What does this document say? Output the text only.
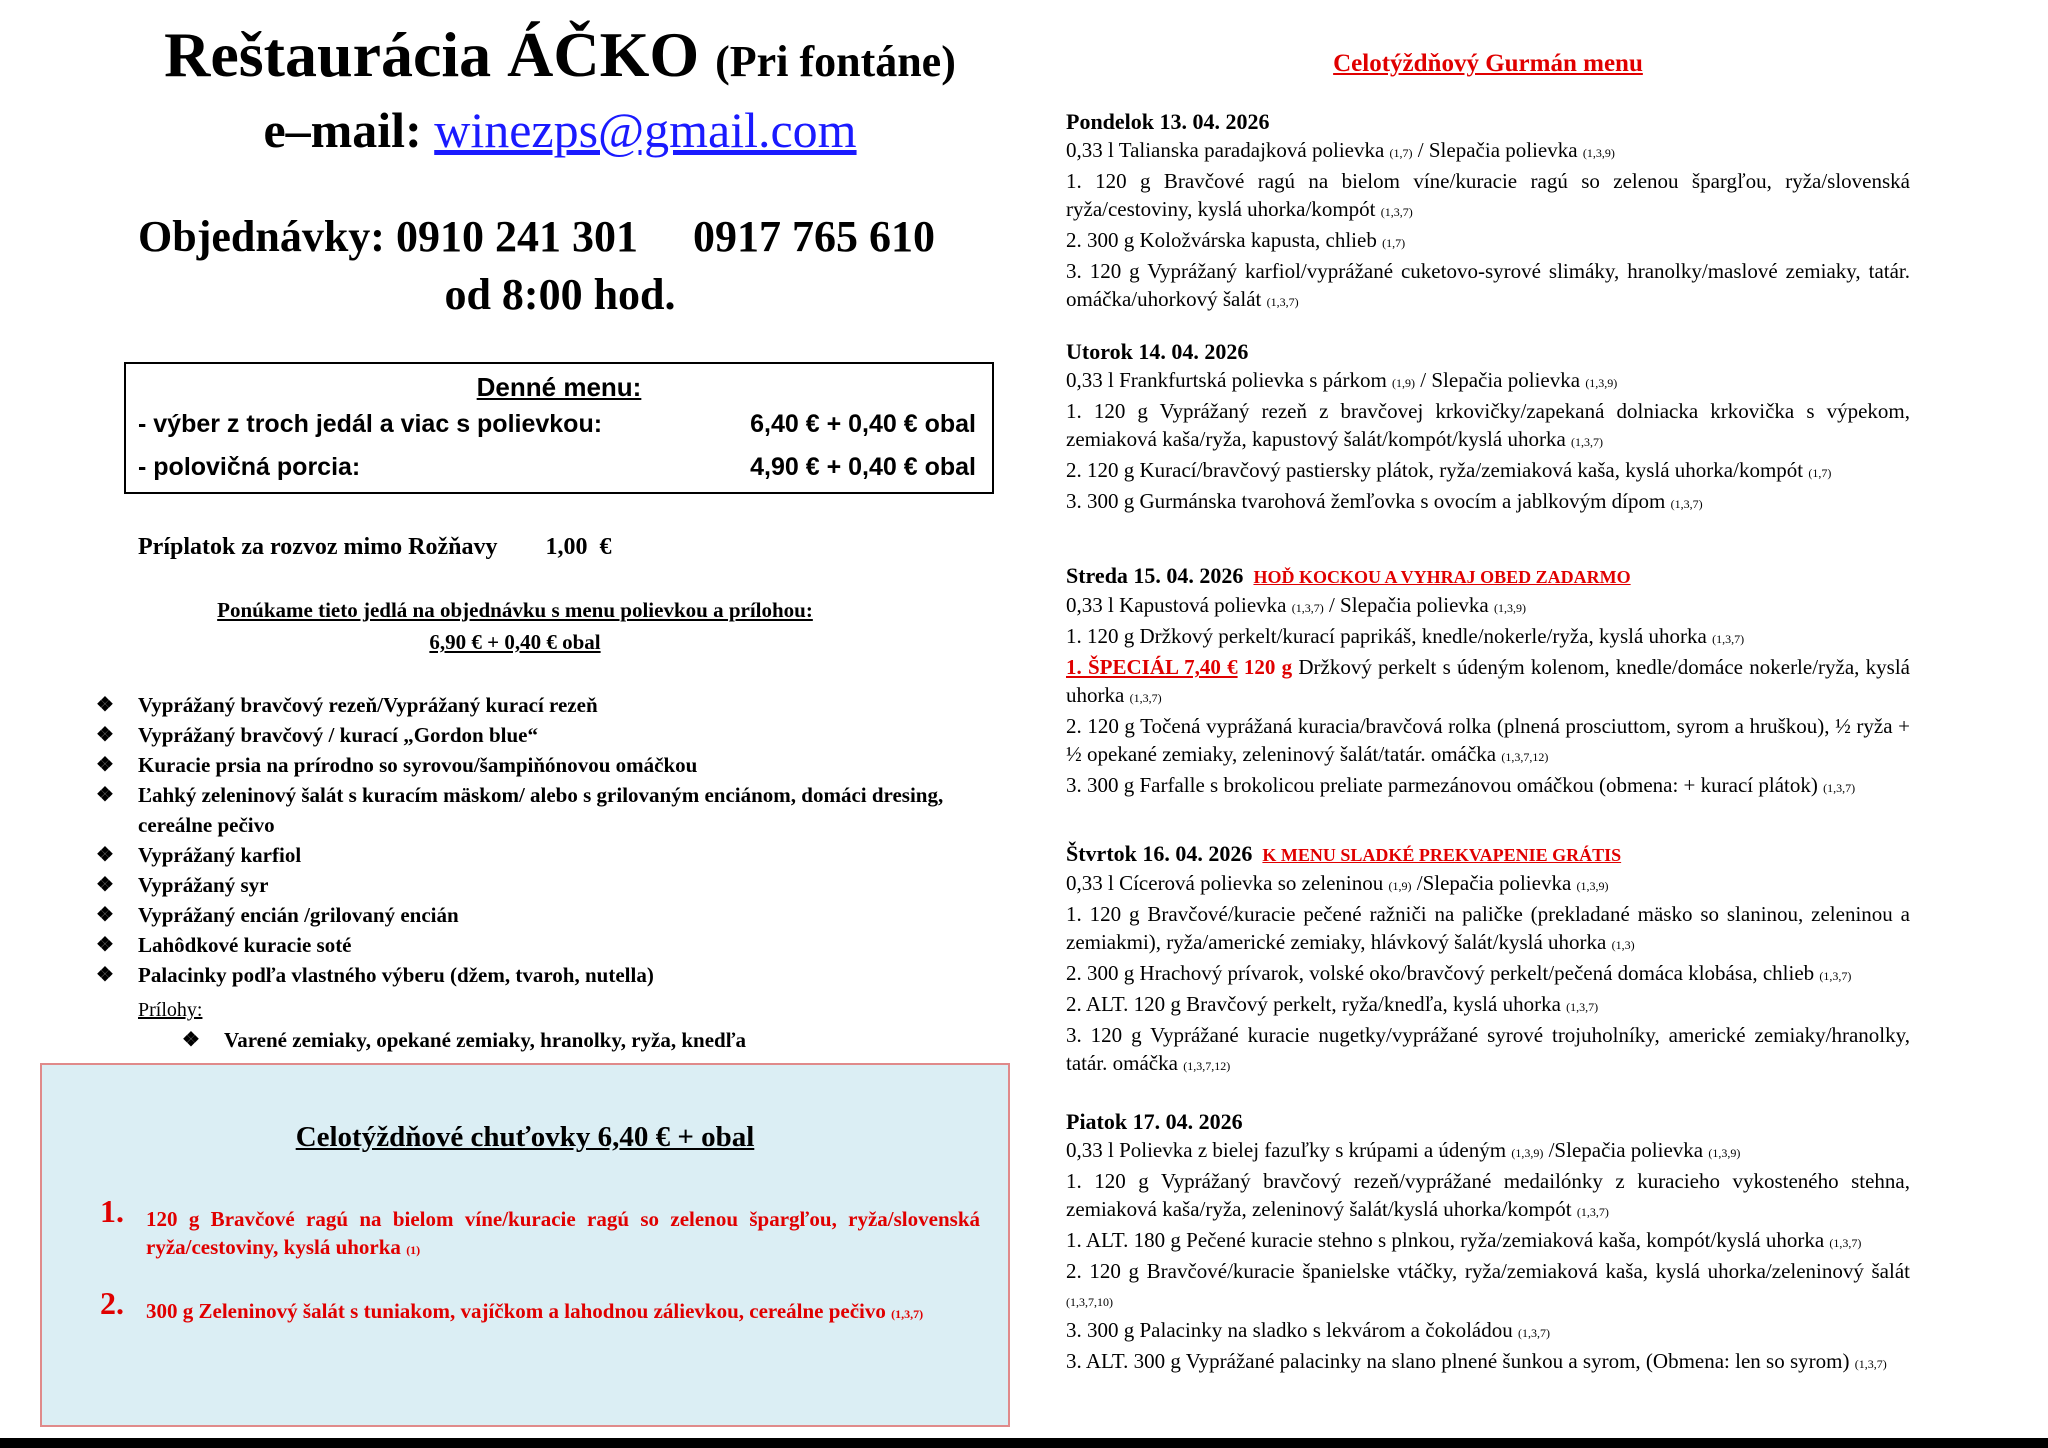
Reštaurácia ÁČKO (Pri fontáne)
e–mail: winezps@gmail.com
Objednávky: 0910 241 301     0917 765 610
od 8:00 hod.
Denné menu:
- výber z troch jedál a viac s polievkou:	6,40 € + 0,40 € obal
- polovičná porcia:	4,90 € + 0,40 € obal
Príplatok za rozvoz mimo Rožňavy        1,00  €
Ponúkame tieto jedlá na objednávku s menu polievkou a prílohou:
6,90 € + 0,40 € obal
❖ Vyprážaný bravčový rezeň/Vyprážaný kurací rezeň
❖ Vyprážaný bravčový / kurací „Gordon blue“
❖ Kuracie prsia na prírodno so syrovou/šampiňónovou omáčkou
❖ Ľahký zeleninový šalát s kuracím mäskom/ alebo s grilovaným enciánom, domáci dresing, cereálne pečivo
❖ Vyprážaný karfiol
❖ Vyprážaný syr
❖ Vyprážaný encián /grilovaný encián
❖ Lahôdkové kuracie soté
❖ Palacinky podľa vlastného výberu (džem, tvaroh, nutella)
Prílohy:
❖ Varené zemiaky, opekané zemiaky, hranolky, ryža, knedľa
Celotýždňové chuťovky 6,40 € + obal
1. 120 g Bravčové ragú na bielom víne/kuracie ragú so zelenou špargľou, ryža/slovenská ryža/cestoviny, kyslá uhorka (1)
2. 300 g Zeleninový šalát s tuniakom, vajíčkom a lahodnou zálievkou, cereálne pečivo (1,3,7)
Celotýždňový Gurmán menu
Pondelok 13. 04. 2026
0,33 l Talianska paradajková polievka (1,7) / Slepačia polievka (1,3,9)
1. 120 g Bravčové ragú na bielom víne/kuracie ragú so zelenou špargľou, ryža/slovenská ryža/cestoviny, kyslá uhorka/kompót (1,3,7)
2. 300 g Koložvárska kapusta, chlieb (1,7)
3. 120 g Vyprážaný karfiol/vyprážané cuketovo-syrové slimáky, hranolky/maslové zemiaky, tatár. omáčka/uhorkový šalát (1,3,7)
Utorok 14. 04. 2026
0,33 l Frankfurtská polievka s párkom (1,9) / Slepačia polievka (1,3,9)
1. 120 g Vyprážaný rezeň z bravčovej krkovičky/zapekaná dolniacka krkovička s výpekom, zemiaková kaša/ryža, kapustový šalát/kompót/kyslá uhorka (1,3,7)
2. 120 g Kurací/bravčový pastiersky plátok, ryža/zemiaková kaša, kyslá uhorka/kompót (1,7)
3. 300 g Gurmánska tvarohová žemľovka s ovocím a jablkovým dípom (1,3,7)
Streda 15. 04. 2026 HOĎ KOCKOU A VYHRAJ OBED ZADARMO
0,33 l Kapustová polievka (1,3,7) / Slepačia polievka (1,3,9)
1. 120 g Držkový perkelt/kurací paprikáš, knedle/nokerle/ryža, kyslá uhorka (1,3,7)
1. ŠPECIÁL 7,40 € 120 g Držkový perkelt s údeným kolenom, knedle/domáce nokerle/ryža, kyslá uhorka (1,3,7)
2. 120 g Točená vyprážaná kuracia/bravčová rolka (plnená prosciuttom, syrom a hruškou), ½ ryža + ½ opekané zemiaky, zeleninový šalát/tatár. omáčka (1,3,7,12)
3. 300 g Farfalle s brokolicou preliate parmezánovou omáčkou (obmena: + kurací plátok) (1,3,7)
Štvrtok 16. 04. 2026 K MENU SLADKÉ PREKVAPENIE GRÁTIS
0,33 l Cícerová polievka so zeleninou (1,9) /Slepačia polievka (1,3,9)
1. 120 g Bravčové/kuracie pečené ražniči na paličke (prekladané mäsko so slaninou, zeleninou a zemiakmi), ryža/americké zemiaky, hlávkový šalát/kyslá uhorka (1,3)
2. 300 g Hrachový prívarok, volské oko/bravčový perkelt/pečená domáca klobása, chlieb (1,3,7)
2. ALT. 120 g Bravčový perkelt, ryža/knedľa, kyslá uhorka (1,3,7)
3. 120 g Vyprážané kuracie nugetky/vyprážané syrové trojuholníky, americké zemiaky/hranolky, tatár. omáčka (1,3,7,12)
Piatok 17. 04. 2026
0,33 l Polievka z bielej fazuľky s krúpami a údeným (1,3,9) /Slepačia polievka (1,3,9)
1. 120 g Vyprážaný bravčový rezeň/vyprážané medailónky z kuracieho vykosteného stehna, zemiaková kaša/ryža, zeleninový šalát/kyslá uhorka/kompót (1,3,7)
1. ALT. 180 g Pečené kuracie stehno s plnkou, ryža/zemiaková kaša, kompót/kyslá uhorka (1,3,7)
2. 120 g Bravčové/kuracie španielske vtáčky, ryža/zemiaková kaša, kyslá uhorka/zeleninový šalát (1,3,7,10)
3. 300 g Palacinky na sladko s lekvárom a čokoládou (1,3,7)
3. ALT. 300 g Vyprážané palacinky na slano plnené šunkou a syrom, (Obmena: len so syrom) (1,3,7)
